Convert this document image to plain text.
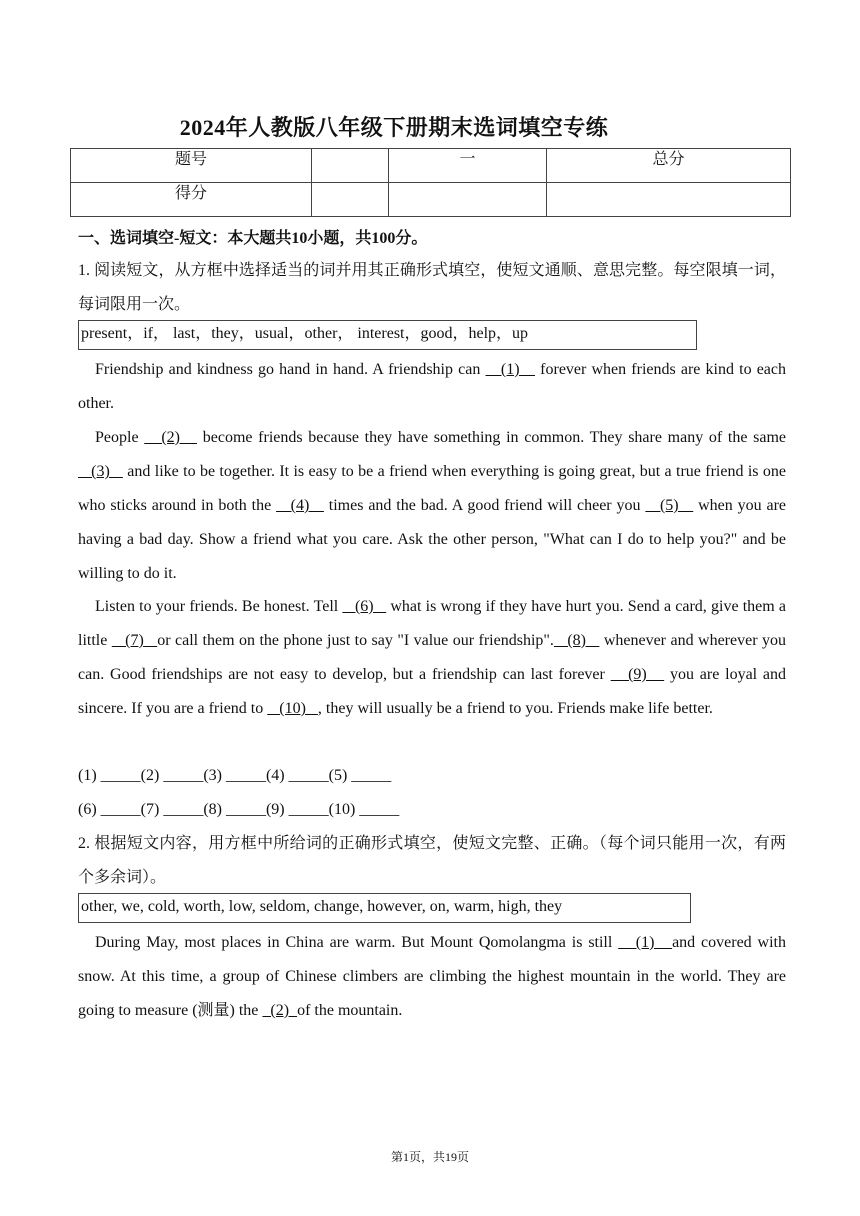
2024年人教版八年级下册期末选词填空专练
题号		一	总分
得分			
一、选词填空-短文：本大题共10小题，共100分。
1. 阅读短文，从方框中选择适当的词并用其正确形式填空，使短文通顺、意思完整。每空限填一词，每词限用一次。
present，if， last，they，usual，other， interest，good，help，up
Friendship and kindness go hand in hand. A friendship can    (1)    forever when friends are kind to each other.
People    (2)    become friends because they have something in common. They share many of the same    (3)    and like to be together. It is easy to be a friend when everything is going great, but a true friend is one who sticks around in both the    (4)    times and the bad. A good friend will cheer you    (5)    when you are having a bad day. Show a friend what you care. Ask the other person, "What can I do to help you?" and be willing to do it.
Listen to your friends. Be honest. Tell    (6)    what is wrong if they have hurt you. Send a card, give them a little    (7)   or call them on the phone just to say "I value our friendship".   (8)    whenever and wherever you can. Good friendships are not easy to develop, but a friendship can last forever    (9)    you are loyal and sincere. If you are a friend to    (10)   , they will usually be a friend to you. Friends make life better.
(1) _____(2) _____(3) _____(4) _____(5) _____
(6) _____(7) _____(8) _____(9) _____(10) _____
2. 根据短文内容，用方框中所给词的正确形式填空，使短文完整、正确。（每个词只能用一次，有两个多余词）。
other, we, cold, worth, low, seldom, change, however, on, warm, high, they
During May, most places in China are warm. But Mount Qomolangma is still    (1)   and covered with snow. At this time, a group of Chinese climbers are climbing the highest mountain in the world. They are going to measure (测量) the   (2)  of the mountain.
第1页，共19页
